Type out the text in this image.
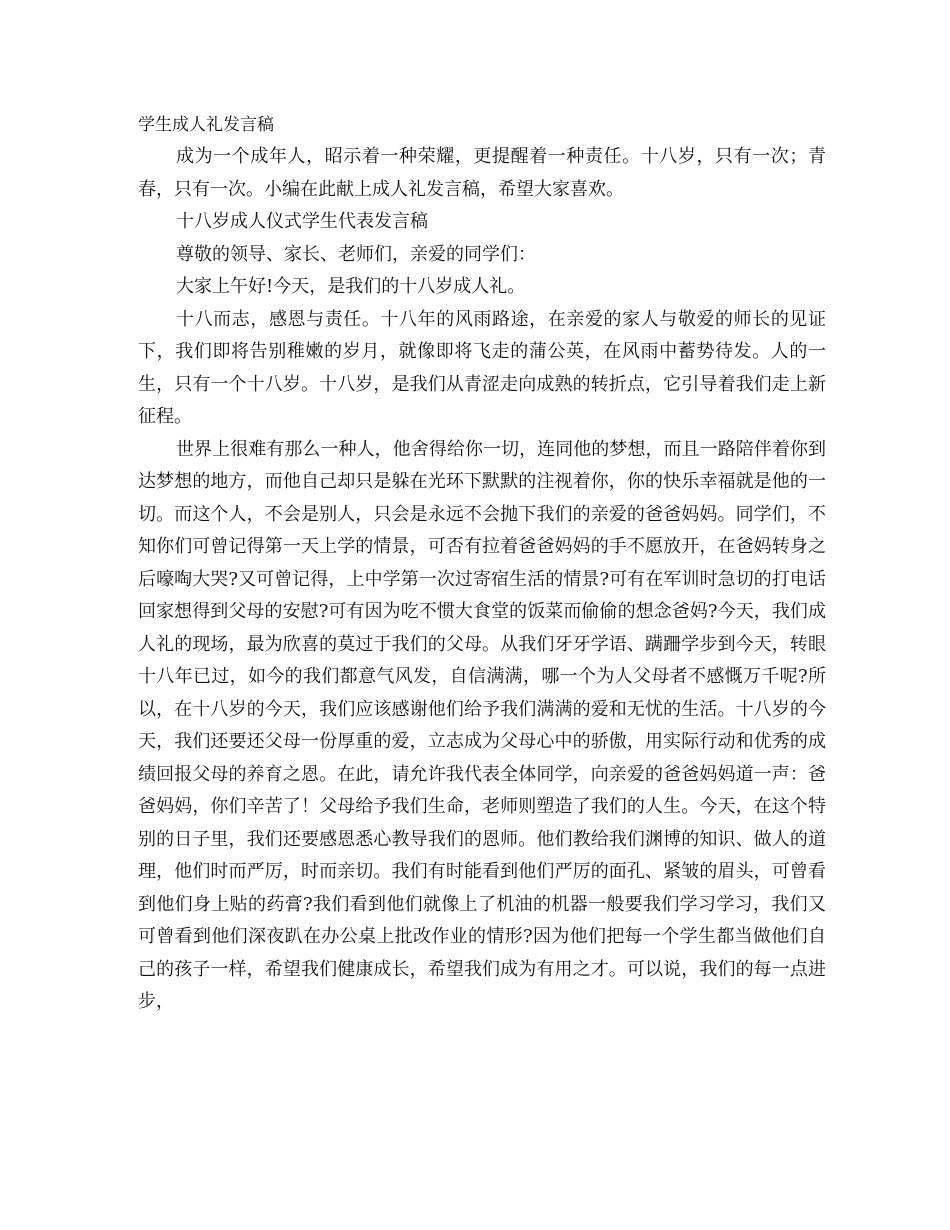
学生成人礼发言稿

成为一个成年人，昭示着一种荣耀，更提醒着一种责任。十八岁，只有一次；青春，只有一次。小编在此献上成人礼发言稿，希望大家喜欢。

十八岁成人仪式学生代表发言稿

尊敬的领导、家长、老师们，亲爱的同学们：

大家上午好!今天，是我们的十八岁成人礼。

十八而志，感恩与责任。十八年的风雨路途，在亲爱的家人与敬爱的师长的见证下，我们即将告别稚嫩的岁月，就像即将飞走的蒲公英，在风雨中蓄势待发。人的一生，只有一个十八岁。十八岁，是我们从青涩走向成熟的转折点，它引导着我们走上新征程。

世界上很难有那么一种人，他舍得给你一切，连同他的梦想，而且一路陪伴着你到达梦想的地方，而他自己却只是躲在光环下默默的注视着你，你的快乐幸福就是他的一切。而这个人，不会是别人，只会是永远不会抛下我们的亲爱的爸爸妈妈。同学们，不知你们可曾记得第一天上学的情景，可否有拉着爸爸妈妈的手不愿放开，在爸妈转身之后嚎啕大哭?又可曾记得，上中学第一次过寄宿生活的情景?可有在军训时急切的打电话回家想得到父母的安慰?可有因为吃不惯大食堂的饭菜而偷偷的想念爸妈?今天，我们成人礼的现场，最为欣喜的莫过于我们的父母。从我们牙牙学语、蹒跚学步到今天，转眼十八年已过，如今的我们都意气风发，自信满满，哪一个为人父母者不感慨万千呢?所以，在十八岁的今天，我们应该感谢他们给予我们满满的爱和无忧的生活。十八岁的今天，我们还要还父母一份厚重的爱，立志成为父母心中的骄傲，用实际行动和优秀的成绩回报父母的养育之恩。在此，请允许我代表全体同学，向亲爱的爸爸妈妈道一声：爸爸妈妈，你们辛苦了！父母给予我们生命，老师则塑造了我们的人生。今天，在这个特别的日子里，我们还要感恩悉心教导我们的恩师。他们教给我们渊博的知识、做人的道理，他们时而严厉，时而亲切。我们有时能看到他们严厉的面孔、紧皱的眉头，可曾看到他们身上贴的药膏?我们看到他们就像上了机油的机器一般要我们学习学习，我们又可曾看到他们深夜趴在办公桌上批改作业的情形?因为他们把每一个学生都当做他们自己的孩子一样，希望我们健康成长，希望我们成为有用之才。可以说，我们的每一点进步，
